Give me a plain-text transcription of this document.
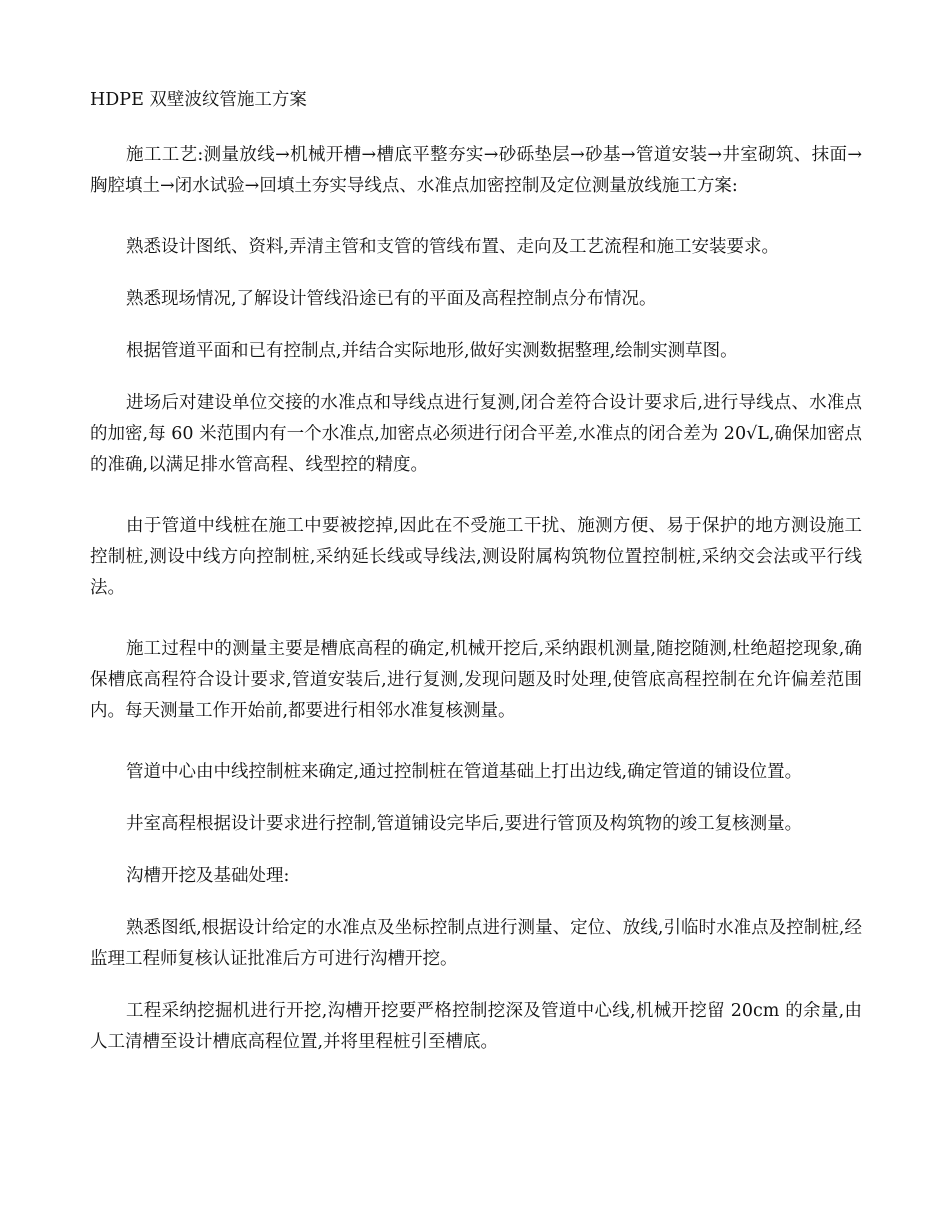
HDPE 双壁波纹管施工方案

施工工艺:测量放线→机械开槽→槽底平整夯实→砂砾垫层→砂基→管道安装→井室砌筑、抹面→胸腔填土→闭水试验→回填土夯实导线点、水准点加密控制及定位测量放线施工方案:

熟悉设计图纸、资料,弄清主管和支管的管线布置、走向及工艺流程和施工安装要求。

熟悉现场情况,了解设计管线沿途已有的平面及高程控制点分布情况。

根据管道平面和已有控制点,并结合实际地形,做好实测数据整理,绘制实测草图。

进场后对建设单位交接的水准点和导线点进行复测,闭合差符合设计要求后,进行导线点、水准点的加密,每 60 米范围内有一个水准点,加密点必须进行闭合平差,水准点的闭合差为 20√L,确保加密点的准确,以满足排水管高程、线型控的精度。

由于管道中线桩在施工中要被挖掉,因此在不受施工干扰、施测方便、易于保护的地方测设施工控制桩,测设中线方向控制桩,采纳延长线或导线法,测设附属构筑物位置控制桩,采纳交会法或平行线法。

施工过程中的测量主要是槽底高程的确定,机械开挖后,采纳跟机测量,随挖随测,杜绝超挖现象,确保槽底高程符合设计要求,管道安装后,进行复测,发现问题及时处理,使管底高程控制在允许偏差范围内。每天测量工作开始前,都要进行相邻水准复核测量。

管道中心由中线控制桩来确定,通过控制桩在管道基础上打出边线,确定管道的铺设位置。

井室高程根据设计要求进行控制,管道铺设完毕后,要进行管顶及构筑物的竣工复核测量。

沟槽开挖及基础处理:

熟悉图纸,根据设计给定的水准点及坐标控制点进行测量、定位、放线,引临时水准点及控制桩,经监理工程师复核认证批准后方可进行沟槽开挖。

工程采纳挖掘机进行开挖,沟槽开挖要严格控制挖深及管道中心线,机械开挖留 20cm 的余量,由人工清槽至设计槽底高程位置,并将里程桩引至槽底。
